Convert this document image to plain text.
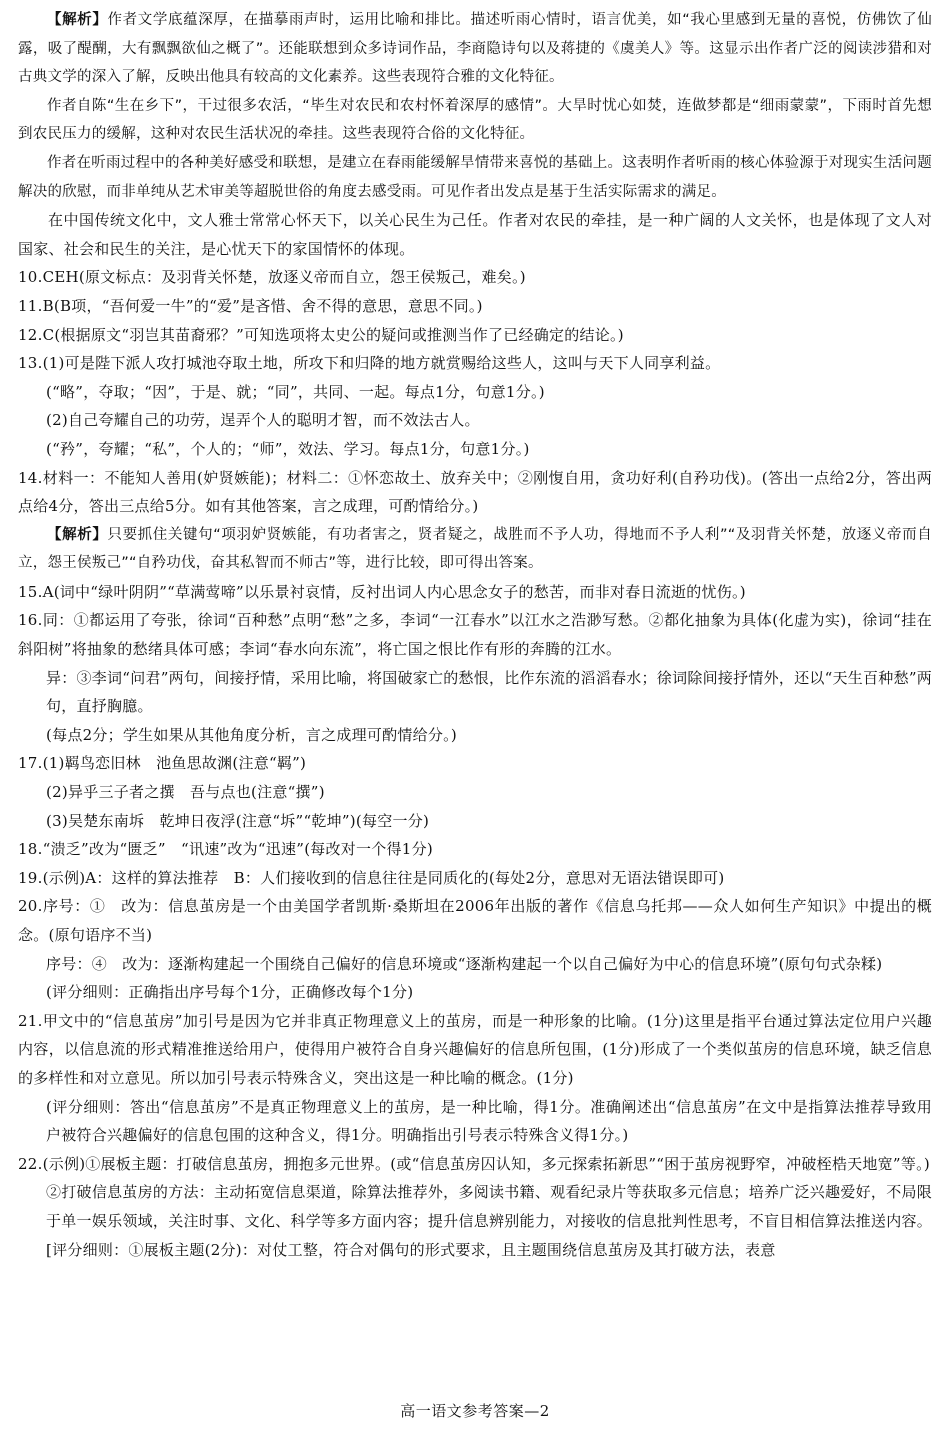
【解析】作者文学底蕴深厚，在描摹雨声时，运用比喻和排比。描述听雨心情时，语言优美，如“我心里感到无量的喜悦，仿佛饮了仙露，吸了醍醐，大有飘飘欲仙之概了”。还能联想到众多诗词作品，李商隐诗句以及蒋捷的《虞美人》等。这显示出作者广泛的阅读涉猎和对古典文学的深入了解，反映出他具有较高的文化素养。这些表现符合雅的文化特征。

作者自陈“生在乡下”，干过很多农活，“毕生对农民和农村怀着深厚的感情”。大旱时忧心如焚，连做梦都是“细雨蒙蒙”，下雨时首先想到农民压力的缓解，这种对农民生活状况的牵挂。这些表现符合俗的文化特征。

作者在听雨过程中的各种美好感受和联想，是建立在春雨能缓解旱情带来喜悦的基础上。这表明作者听雨的核心体验源于对现实生活问题解决的欣慰，而非单纯从艺术审美等超脱世俗的角度去感受雨。可见作者出发点是基于生活实际需求的满足。

在中国传统文化中，文人雅士常常心怀天下，以关心民生为己任。作者对农民的牵挂，是一种广阔的人文关怀，也是体现了文人对国家、社会和民生的关注，是心忧天下的家国情怀的体现。

10.CEH(原文标点：及羽背关怀楚，放逐义帝而自立，怨王侯叛己，难矣。)

11.B(B项，“吾何爱一牛”的“爱”是吝惜、舍不得的意思，意思不同。)

12.C(根据原文“羽岂其苗裔邪？”可知选项将太史公的疑问或推测当作了已经确定的结论。)

13.(1)可是陛下派人攻打城池夺取土地，所攻下和归降的地方就赏赐给这些人，这叫与天下人同享利益。

(“略”，夺取；“因”，于是、就；“同”，共同、一起。每点1分，句意1分。)

(2)自己夸耀自己的功劳，逞弄个人的聪明才智，而不效法古人。

(“矜”，夸耀；“私”，个人的；“师”，效法、学习。每点1分，句意1分。)

14.材料一：不能知人善用(妒贤嫉能)；材料二：①怀恋故土、放弃关中；②刚愎自用，贪功好利(自矜功伐)。(答出一点给2分，答出两点给4分，答出三点给5分。如有其他答案，言之成理，可酌情给分。)

【解析】只要抓住关键句“项羽妒贤嫉能，有功者害之，贤者疑之，战胜而不予人功，得地而不予人利”“及羽背关怀楚，放逐义帝而自立，怨王侯叛己”“自矜功伐，奋其私智而不师古”等，进行比较，即可得出答案。

15.A(词中“绿叶阴阴”“草满莺啼”以乐景衬哀情，反衬出词人内心思念女子的愁苦，而非对春日流逝的忧伤。)

16.同：①都运用了夸张，徐词“百种愁”点明“愁”之多，李词“一江春水”以江水之浩渺写愁。②都化抽象为具体(化虚为实)，徐词“挂在斜阳树”将抽象的愁绪具体可感；李词“春水向东流”，将亡国之恨比作有形的奔腾的江水。

异：③李词“问君”两句，间接抒情，采用比喻，将国破家亡的愁恨，比作东流的滔滔春水；徐词除间接抒情外，还以“天生百种愁”两句，直抒胸臆。

(每点2分；学生如果从其他角度分析，言之成理可酌情给分。)

17.(1)羁鸟恋旧林　池鱼思故渊(注意“羁”)

(2)异乎三子者之撰　吾与点也(注意“撰”)

(3)吴楚东南坼　乾坤日夜浮(注意“坼”“乾坤”)(每空一分)

18.“溃乏”改为“匮乏”　“讯速”改为“迅速”(每改对一个得1分)

19.(示例)A：这样的算法推荐　B：人们接收到的信息往往是同质化的(每处2分，意思对无语法错误即可)

20.序号：①　改为：信息茧房是一个由美国学者凯斯·桑斯坦在2006年出版的著作《信息乌托邦——众人如何生产知识》中提出的概念。(原句语序不当)

序号：④　改为：逐渐构建起一个围绕自己偏好的信息环境或“逐渐构建起一个以自己偏好为中心的信息环境”(原句句式杂糅)

(评分细则：正确指出序号每个1分，正确修改每个1分)

21.甲文中的“信息茧房”加引号是因为它并非真正物理意义上的茧房，而是一种形象的比喻。(1分)这里是指平台通过算法定位用户兴趣内容，以信息流的形式精准推送给用户，使得用户被符合自身兴趣偏好的信息所包围，(1分)形成了一个类似茧房的信息环境，缺乏信息的多样性和对立意见。所以加引号表示特殊含义，突出这是一种比喻的概念。(1分)

(评分细则：答出“信息茧房”不是真正物理意义上的茧房，是一种比喻，得1分。准确阐述出“信息茧房”在文中是指算法推荐导致用户被符合兴趣偏好的信息包围的这种含义，得1分。明确指出引号表示特殊含义得1分。)

22.(示例)①展板主题：打破信息茧房，拥抱多元世界。(或“信息茧房囚认知，多元探索拓新思”“困于茧房视野窄，冲破桎梏天地宽”等。)

②打破信息茧房的方法：主动拓宽信息渠道，除算法推荐外，多阅读书籍、观看纪录片等获取多元信息；培养广泛兴趣爱好，不局限于单一娱乐领域，关注时事、文化、科学等多方面内容；提升信息辨别能力，对接收的信息批判性思考，不盲目相信算法推送内容。[评分细则：①展板主题(2分)：对仗工整，符合对偶句的形式要求，且主题围绕信息茧房及其打破方法，表意

高一语文参考答案—2
